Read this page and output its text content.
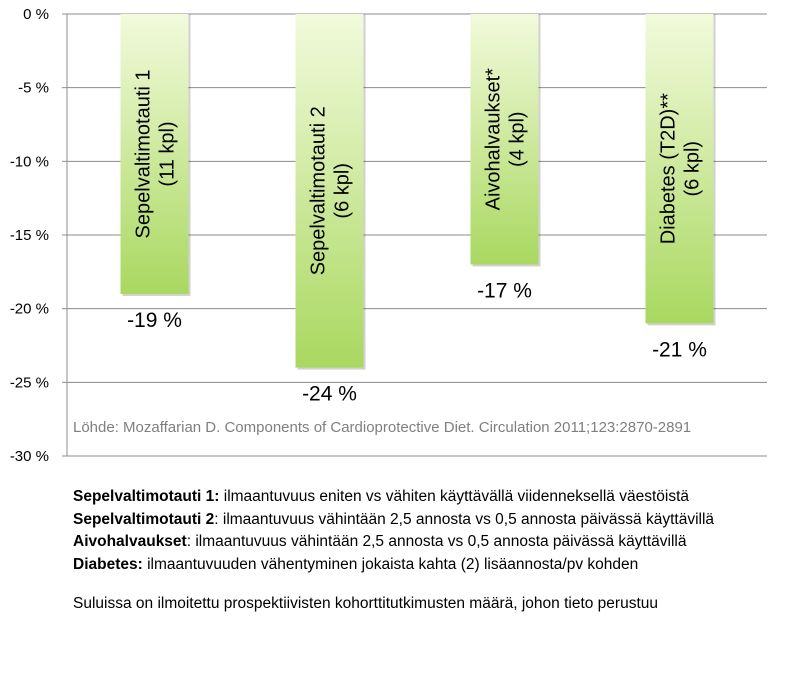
0 %
-5 %
-10 %
-15 %
-20 %
-25 %
-30 %
Sepelvaltimotauti 1 (11 kpl)
-19 %
Sepelvaltimotauti 2 (6 kpl)
-24 %
Aivohalvaukset* (4 kpl)
-17 %
Diabetes (T2D)** (6 kpl)
-21 %
Löhde: Mozaffarian D. Components of Cardioprotective Diet. Circulation 2011;123:2870-2891

Sepelvaltimotauti 1: ilmaantuvuus eniten vs vähiten käyttävällä viidenneksellä väestöistä

Sepelvaltimotauti 2: ilmaantuvuus vähintään 2,5 annosta vs 0,5 annosta päivässä käyttävillä

Aivohalvaukset: ilmaantuvuus vähintään 2,5 annosta vs 0,5 annosta päivässä käyttävillä

Diabetes: ilmaantuvuuden vähentyminen jokaista kahta (2) lisäannosta/pv kohden

Suluissa on ilmoitettu prospektiivisten kohorttitutkimusten määrä, johon tieto perustuu
